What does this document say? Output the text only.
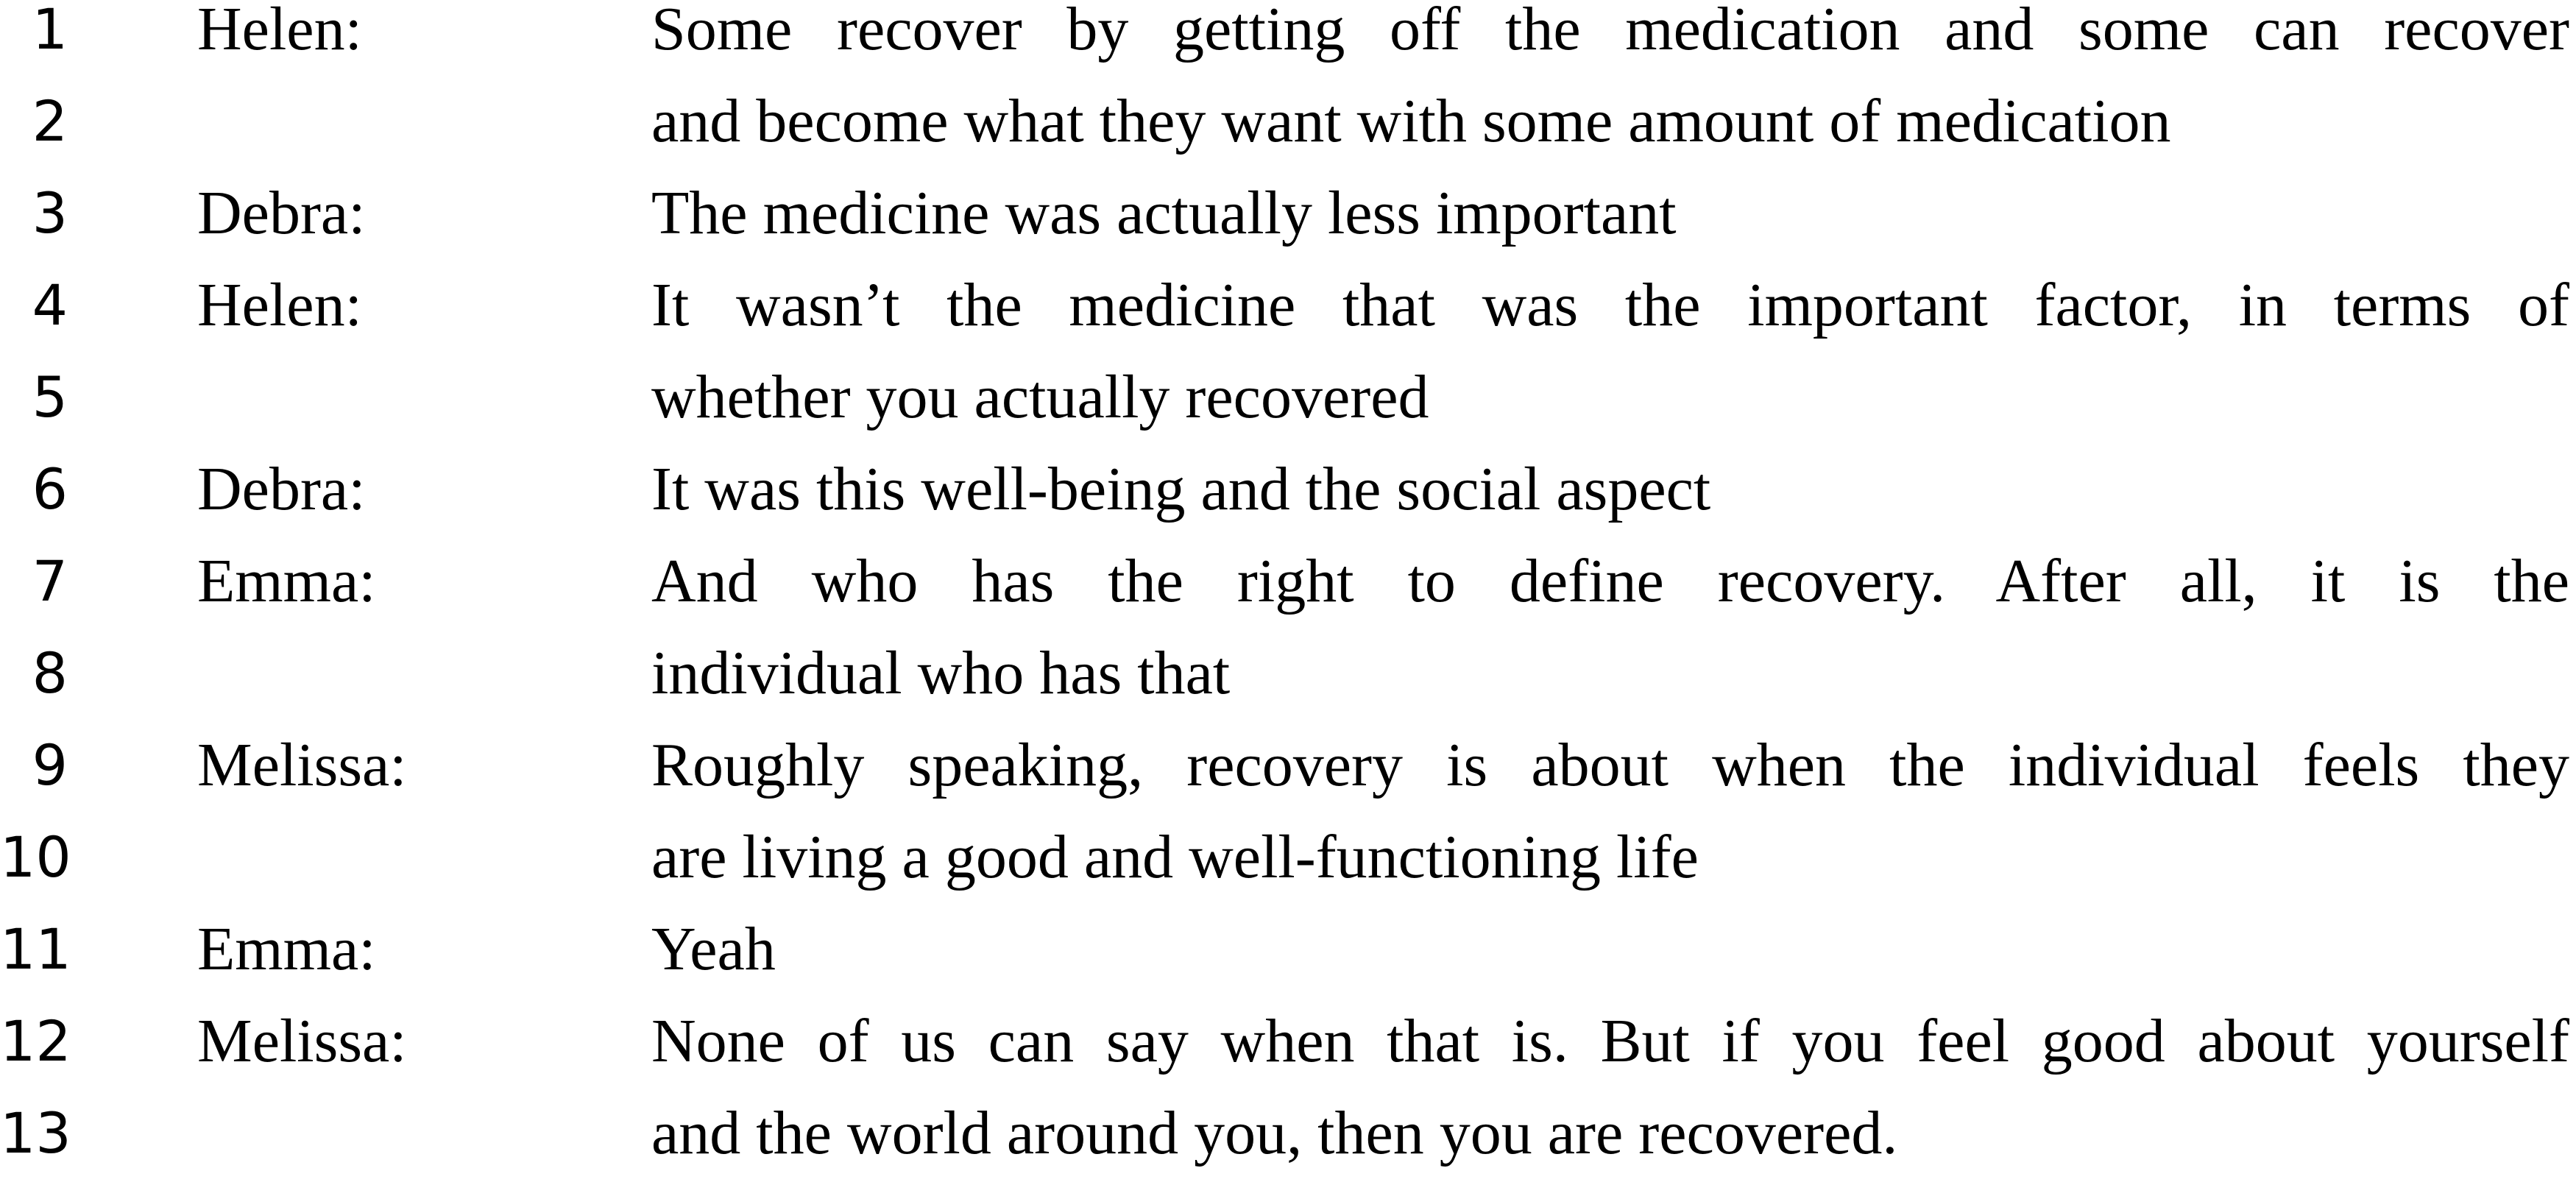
1 Helen:	Some recover by getting off the medication and some can recover
2	and become what they want with some amount of medication
3 Debra:	The medicine was actually less important
4 Helen:	It wasn’t the medicine that was the important factor, in terms of
5	whether you actually recovered
6 Debra:	It was this well-being and the social aspect
7 Emma:	And who has the right to define recovery. After all, it is the
8	individual who has that
9 Melissa:	Roughly speaking, recovery is about when the individual feels they
10	are living a good and well-functioning life
11 Emma:	Yeah
12 Melissa:	None of us can say when that is. But if you feel good about yourself
13	and the world around you, then you are recovered.
